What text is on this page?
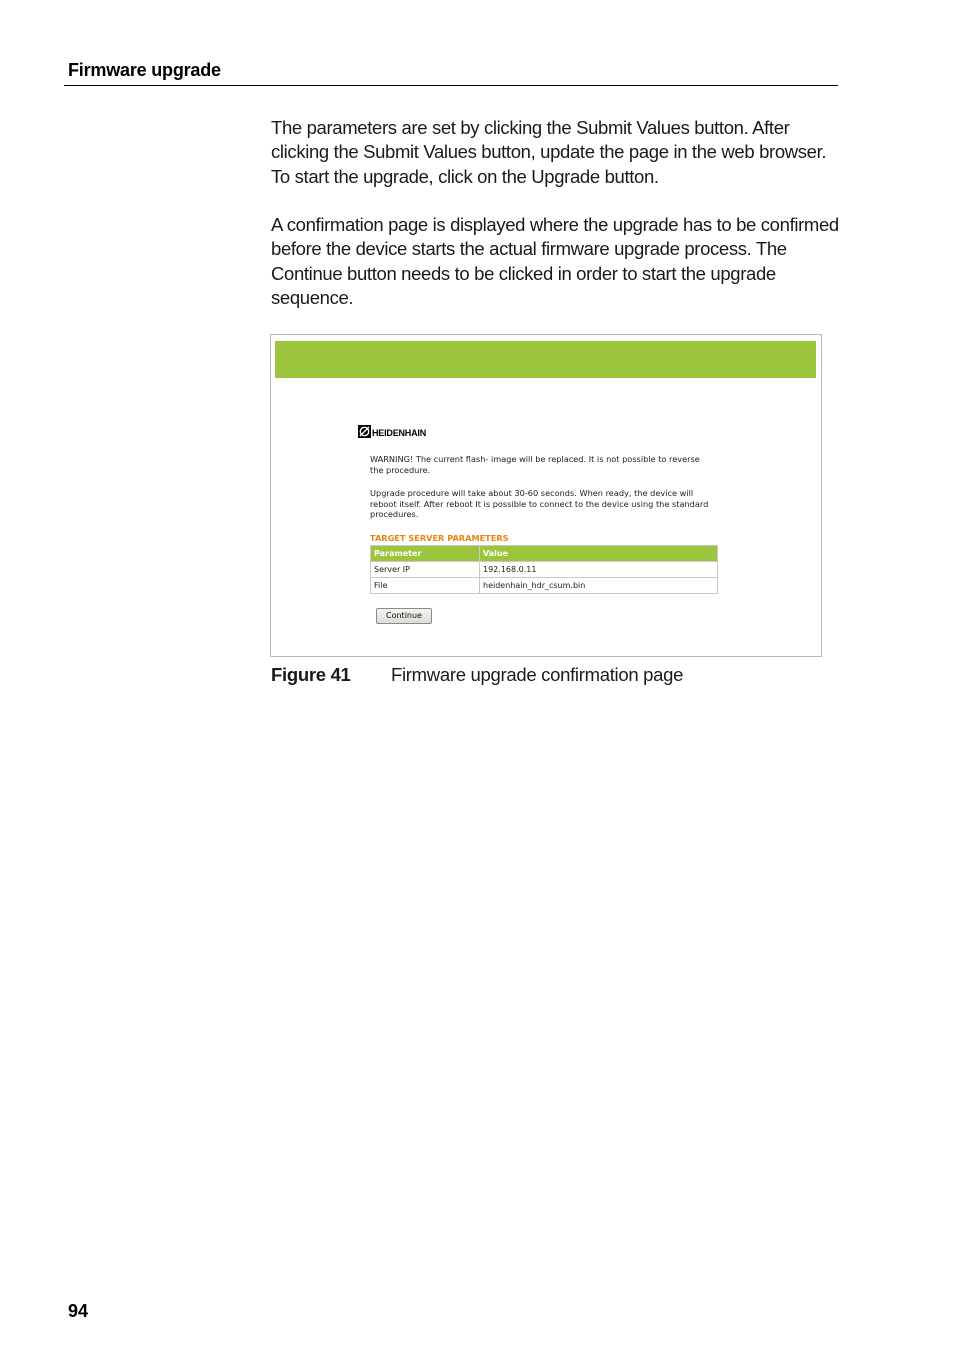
Firmware upgrade

The parameters are set by clicking the Submit Values button. After clicking the Submit Values button, update the page in the web browser. To start the upgrade, click on the Upgrade button.

A confirmation page is displayed where the upgrade has to be confirmed before the device starts the actual firmware upgrade process. The Continue button needs to be clicked in order to start the upgrade sequence.

HEIDENHAIN

WARNING! The current flash- image will be replaced. It is not possible to reverse the procedure.

Upgrade procedure will take about 30-60 seconds. When ready, the device will reboot itself. After reboot It is possible to connect to the device using the standard procedures.

TARGET SERVER PARAMETERS
Parameter	Value
Server IP	192.168.0.11
File	heidenhain_hdr_csum.bin
Continue
Figure 41 Firmware upgrade confirmation page
94
